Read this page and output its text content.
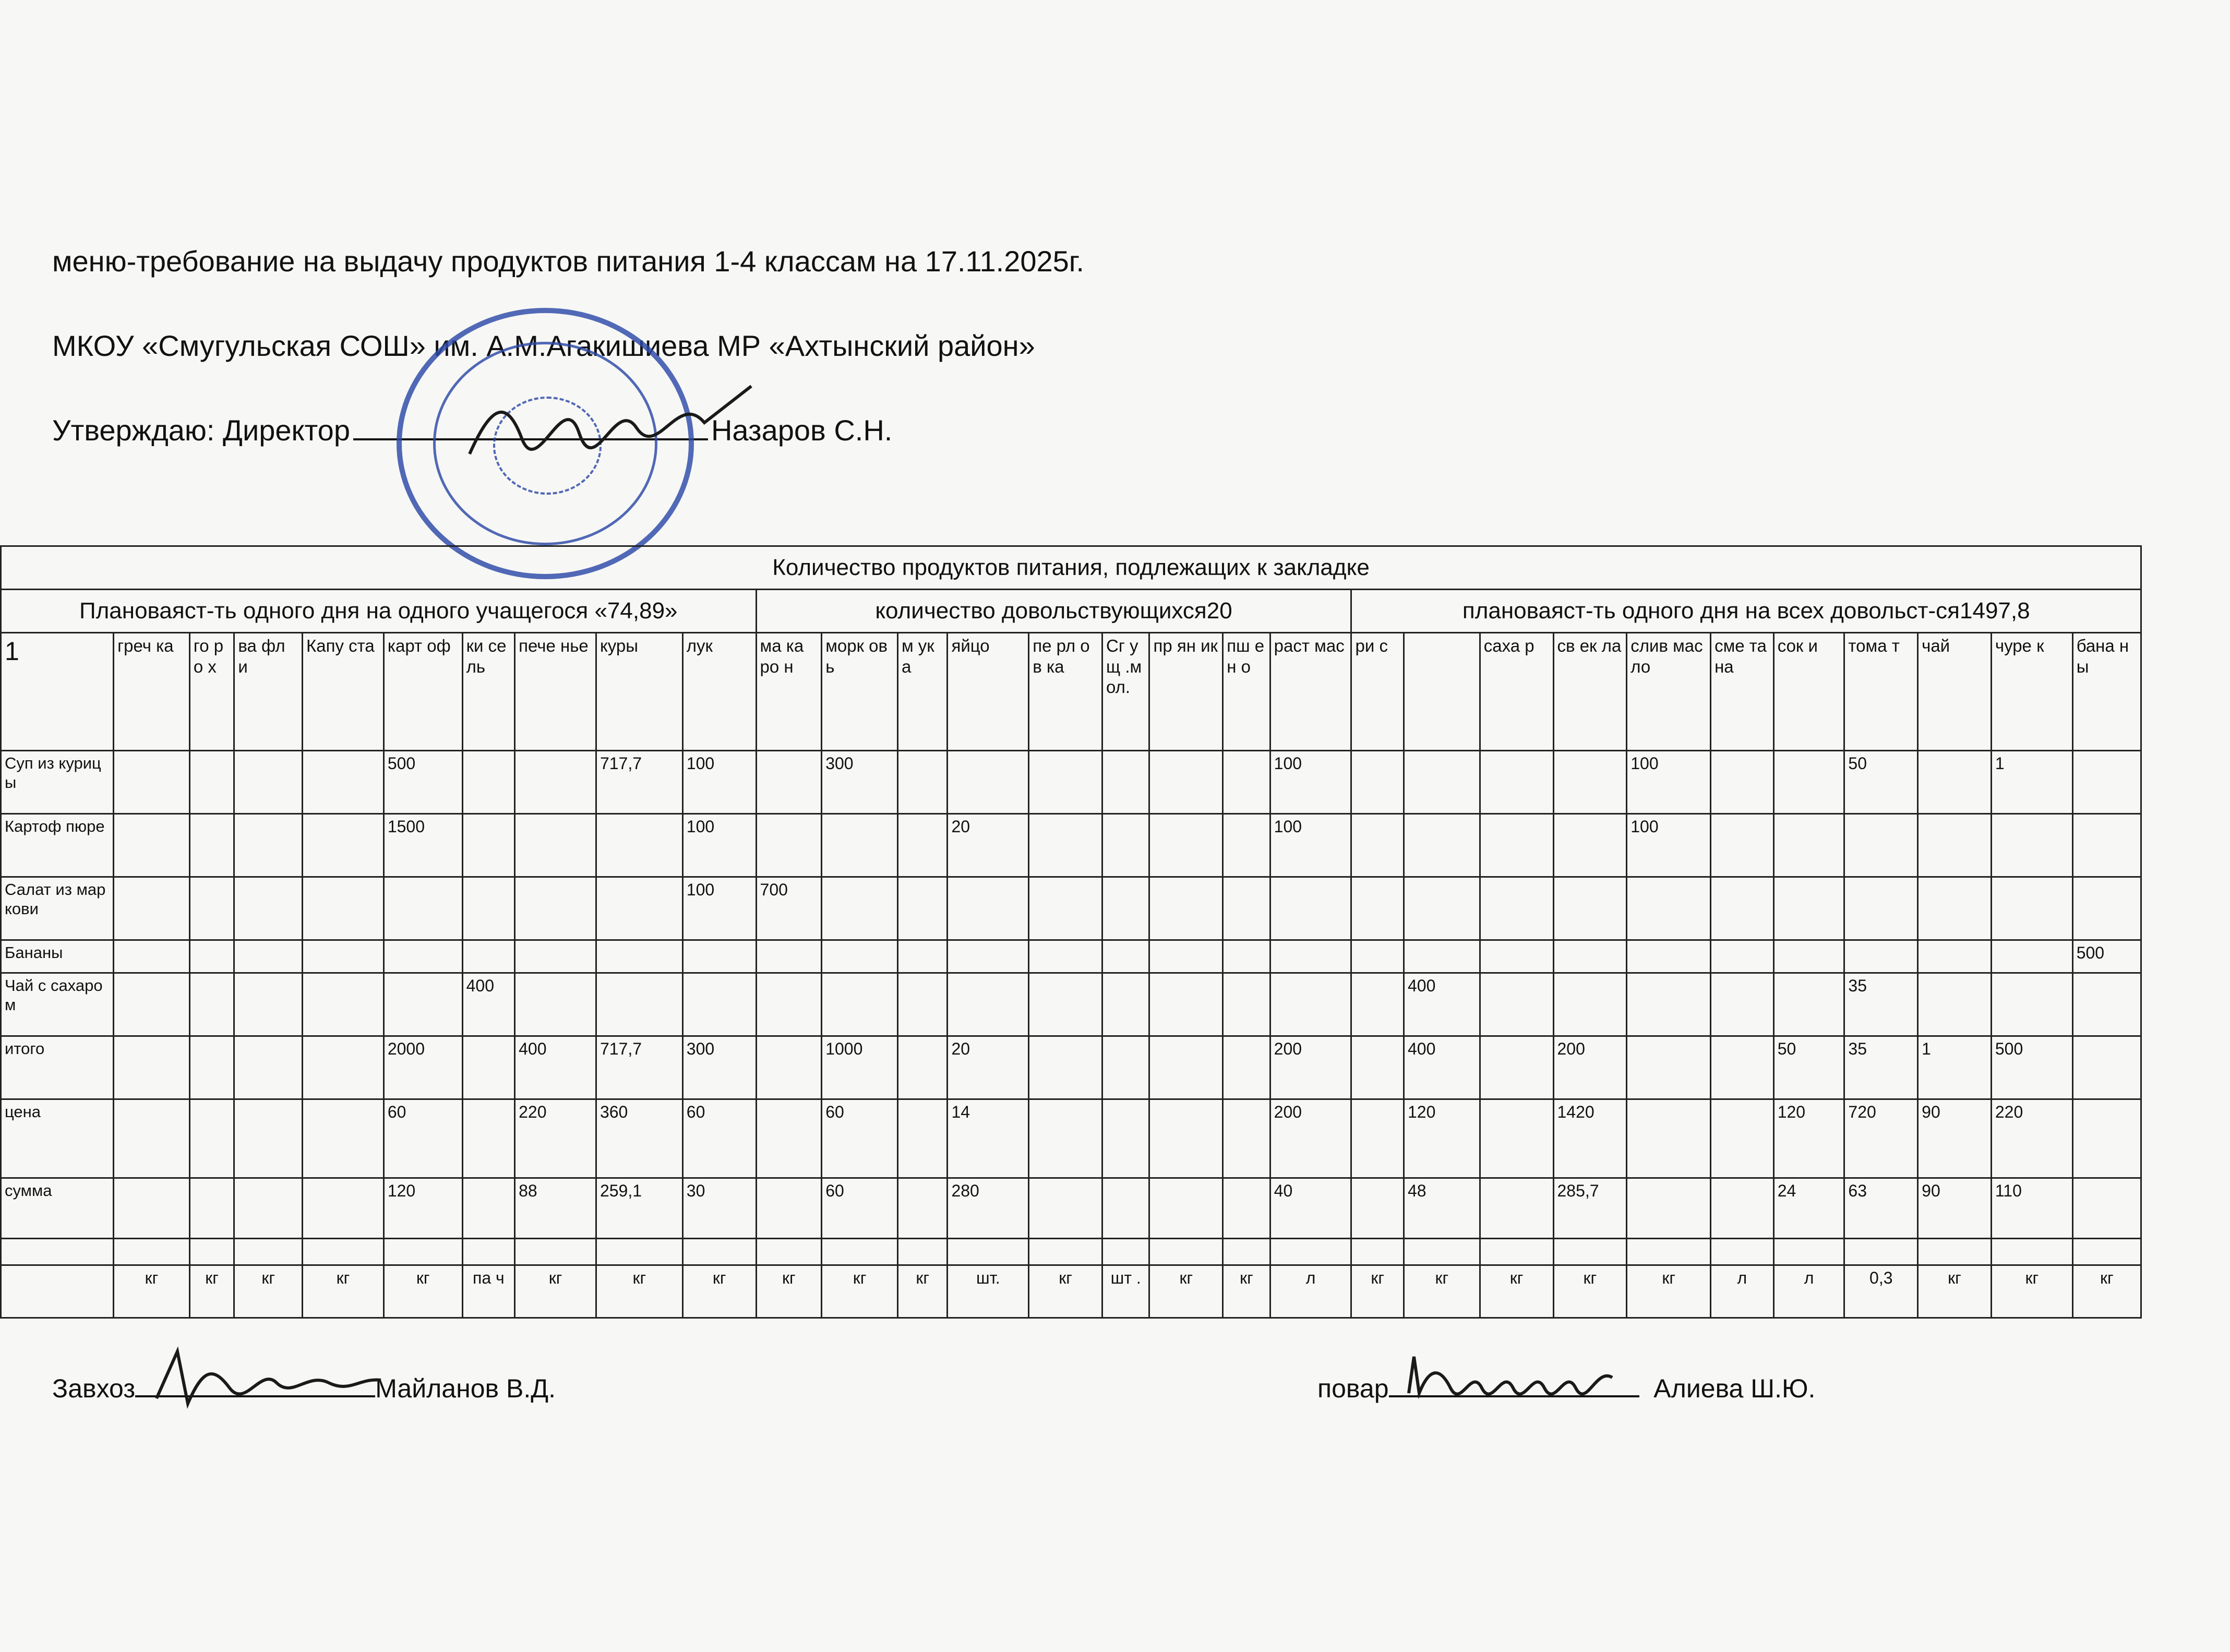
меню-требование на выдачу продуктов питания 1-4 классам на 17.11.2025г.
МКОУ «Смугульская СОШ» им. А.М.Агакишиева МР «Ахтынский район»
Утверждаю: Директор	Назаров С.Н.
Количество продуктов питания, подлежащих к закладке																													
Плановаяст-ть одного дня на одного учащегося «74,89»										количество довольствующихся20									плановаяст-ть одного дня на всех довольст-ся1497,8										
1	греч ка	го ро х	ва фл и	Капу ста	карт оф	ки се ль	пече нье	куры	лук	ма ка ро н	морк овь	м ук а	яйцо	пе рл ов ка	Сг ущ .м ол.	пр ян ик	пш ен о	раст мас	ри с		саха р	св ек ла	слив масло	сме тана	сок и	тома т	чай	чуре к	бана ны
Суп из курицы					500			717,7	100		300							100					100			50		1	
Картоф пюре					1500				100				20					100					100						
Салат из маркови									100	700																			
Бананы																													500
Чай с сахаром						400														400						35			
итого					2000		400	717,7	300		1000		20					200		400		200			50	35	1	500	
цена					60		220	360	60		60		14					200		120		1420			120	720	90	220	
сумма					120		88	259,1	30		60		280					40		48		285,7			24	63	90	110	

	кг	кг	кг	кг	кг	па ч	кг	кг	кг	кг	кг	кг	шт.	кг	шт .	кг	кг	л	кг	кг	кг	кг	кг	л	л	0,3	кг	кг	кг
Завхоз	Майланов В.Д.	повар	Алиева Ш.Ю.
